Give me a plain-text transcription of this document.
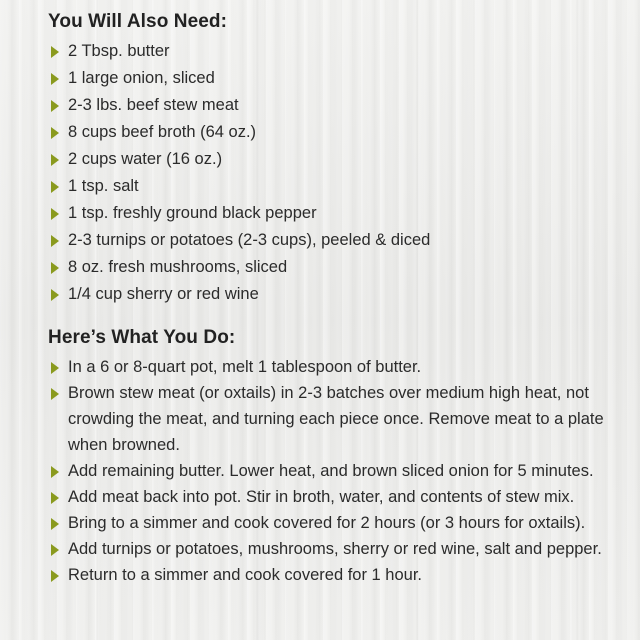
You Will Also Need:
2 Tbsp. butter
1 large onion, sliced
2-3 lbs. beef stew meat
8 cups beef broth (64 oz.)
2 cups water (16 oz.)
1 tsp. salt
1 tsp. freshly ground black pepper
2-3 turnips or potatoes (2-3 cups), peeled & diced
8 oz. fresh mushrooms, sliced
1/4 cup sherry or red wine
Here’s What You Do:
In a 6 or 8-quart pot, melt 1 tablespoon of butter.
Brown stew meat (or oxtails) in 2-3 batches over medium high heat, not crowding the meat, and turning each piece once. Remove meat to a plate when browned.
Add remaining butter. Lower heat, and brown sliced onion for 5 minutes.
Add meat back into pot. Stir in broth, water, and contents of stew mix.
Bring to a simmer and cook covered for 2 hours (or 3 hours for oxtails).
Add turnips or potatoes, mushrooms, sherry or red wine, salt and pepper.
Return to a simmer and cook covered for 1 hour.
